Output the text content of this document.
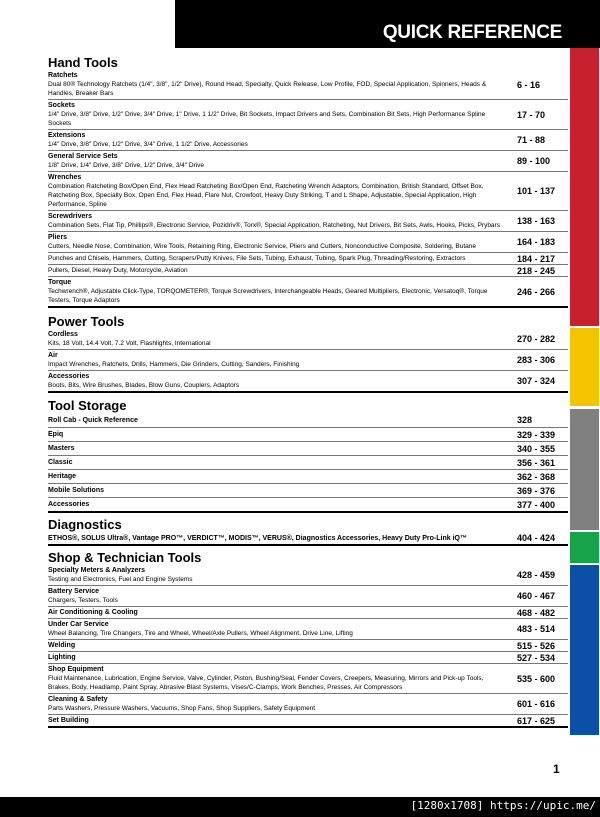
QUICK REFERENCE
Hand Tools
Ratchets
Dual 80® Technology Ratchets (1/4", 3/8", 1/2" Drive), Round Head, Specialty, Quick Release, Low Profile, FOD, Special Application, Spinners, Heads & Handles, Breaker Bars
6 - 16
Sockets
1/4" Drive, 3/8" Drive, 1/2" Drive, 3/4" Drive, 1" Drive, 1 1/2" Drive, Bit Sockets, Impact Drivers and Sets, Combination Bit Sets, High Performance Spline Sockets
17 - 70
Extensions
1/4" Drive, 3/8" Drive, 1/2" Drive, 3/4" Drive, 1 1/2" Drive, Accessories	71 - 88
General Service Sets
1/8" Drive, 1/4" Drive, 3/8" Drive, 1/2" Drive, 3/4" Drive	89 - 100
Wrenches
Combination Ratcheting Box/Open End, Flex Head Ratcheting Box/Open End, Ratcheting Wrench Adaptors, Combination, British Standard, Offset Box, Ratcheting Box, Specialty Box, Open End, Flex Head, Flare Nut, Crowfoot, Heavy Duty Striking, T and L Shape, Adjustable, Special Application, High Performance, Spline
101 - 137
Screwdrivers
Combination Sets, Flat Tip, Phillips®, Electronic Service, Pozidriv®, Torx®, Special Application, Ratcheting, Nut Drivers, Bit Sets, Awls, Hooks, Picks, Prybars	138 - 163
Pliers
Cutters, Needle Nose, Combination, Wire Tools, Retaining Ring, Electronic Service, Pliers and Cutters, Nonconductive Composite, Soldering, Butane	164 - 183
Punches and Chisels, Hammers, Cutting, Scrapers/Putty Knives, File Sets, Tubing, Exhaust, Tubing, Spark Plug, Threading/Restoring, Extractors	184 - 217
Pullers, Diesel, Heavy Duty, Motorcycle, Aviation	218 - 245
Torque
Techwrench®, Adjustable Click-Type, TORQOMETER®, Torque Screwdrivers, Interchangeable Heads, Geared Multipliers, Electronic, Versatoq®, Torque Testers, Torque Adaptors
246 - 266
Power Tools
Cordless
Kits, 18 Volt, 14.4 Volt, 7.2 Volt, Flashlights, International	270 - 282
Air
Impact Wrenches, Ratchets, Drills, Hammers, Die Grinders, Cutting, Sanders, Finishing	283 - 306
Accessories
Boots, Bits, Wire Brushes, Blades, Blow Guns, Couplers, Adaptors	307 - 324
Tool Storage
Roll Cab - Quick Reference	328
Epiq	329 - 339
Masters	340 - 355
Classic	356 - 361
Heritage	362 - 368
Mobile Solutions	369 - 376
Accessories	377 - 400
Diagnostics
ETHOS®, SOLUS Ultra®, Vantage PRO™, VERDICT™, MODIS™, VERUS®, Diagnostics Accessories, Heavy Duty Pro-Link iQ™	404 - 424
Shop & Technician Tools
Specialty Meters & Analyzers
Testing and Electronics, Fuel and Engine Systems	428 - 459
Battery Service
Chargers, Testers, Tools	460 - 467
Air Conditioning & Cooling	468 - 482
Under Car Service
Wheel Balancing, Tire Changers, Tire and Wheel, Wheel/Axle Pullers, Wheel Alignment, Drive Line, Lifting	483 - 514
Welding	515 - 526
Lighting	527 - 534
Shop Equipment
Fluid Maintenance, Lubrication, Engine Service, Valve, Cylinder, Piston, Bushing/Seal, Fender Covers, Creepers, Measuring, Mirrors and Pick-up Tools, Brakes, Body, Headlamp, Paint Spray, Abrasive Blast Systems, Vises/C-Clamps, Work Benches, Presses, Air Compressors
535 - 600
Cleaning & Safety
Parts Washers, Pressure Washers, Vacuums, Shop Fans, Shop Suppliers, Safety Equipment	601 - 616
Set Building	617 - 625
1
[1280x1708] https://upic.me/
